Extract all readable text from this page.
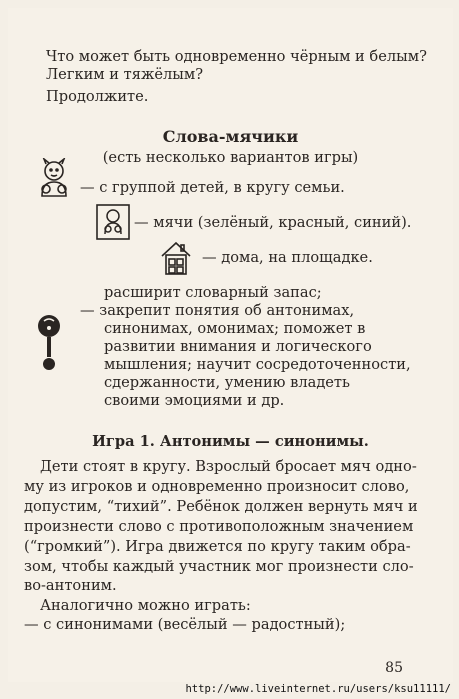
Что может быть одновременно чёрным и белым?
Легким и тяжёлым?
Продолжите.
Слова-мячики
(есть несколько вариантов игры)
— с группой детей, в кругу семьи.
— мячи (зелёный, красный, синий).
— дома, на площадке.
расширит словарный запас;
— закрепит понятия об антонимах,
синонимах, омонимах; поможет в
развитии внимания и логического
мышления; научит сосредоточенности,
сдержанности, умению владеть
своими эмоциями и др.
Игра 1. Антонимы — синонимы.
Дети стоят в кругу. Взрослый бросает мяч одно-
му из игроков и одновременно произносит слово,
допустим, “тихий”. Ребёнок должен вернуть мяч и
произнести слово с противоположным значением
(“громкий”). Игра движется по кругу таким обра-
зом, чтобы каждый участник мог произнести сло-
во-антоним.
Аналогично можно играть:
— с синонимами (весёлый — радостный);
85
http://www.liveinternet.ru/users/ksu11111/
